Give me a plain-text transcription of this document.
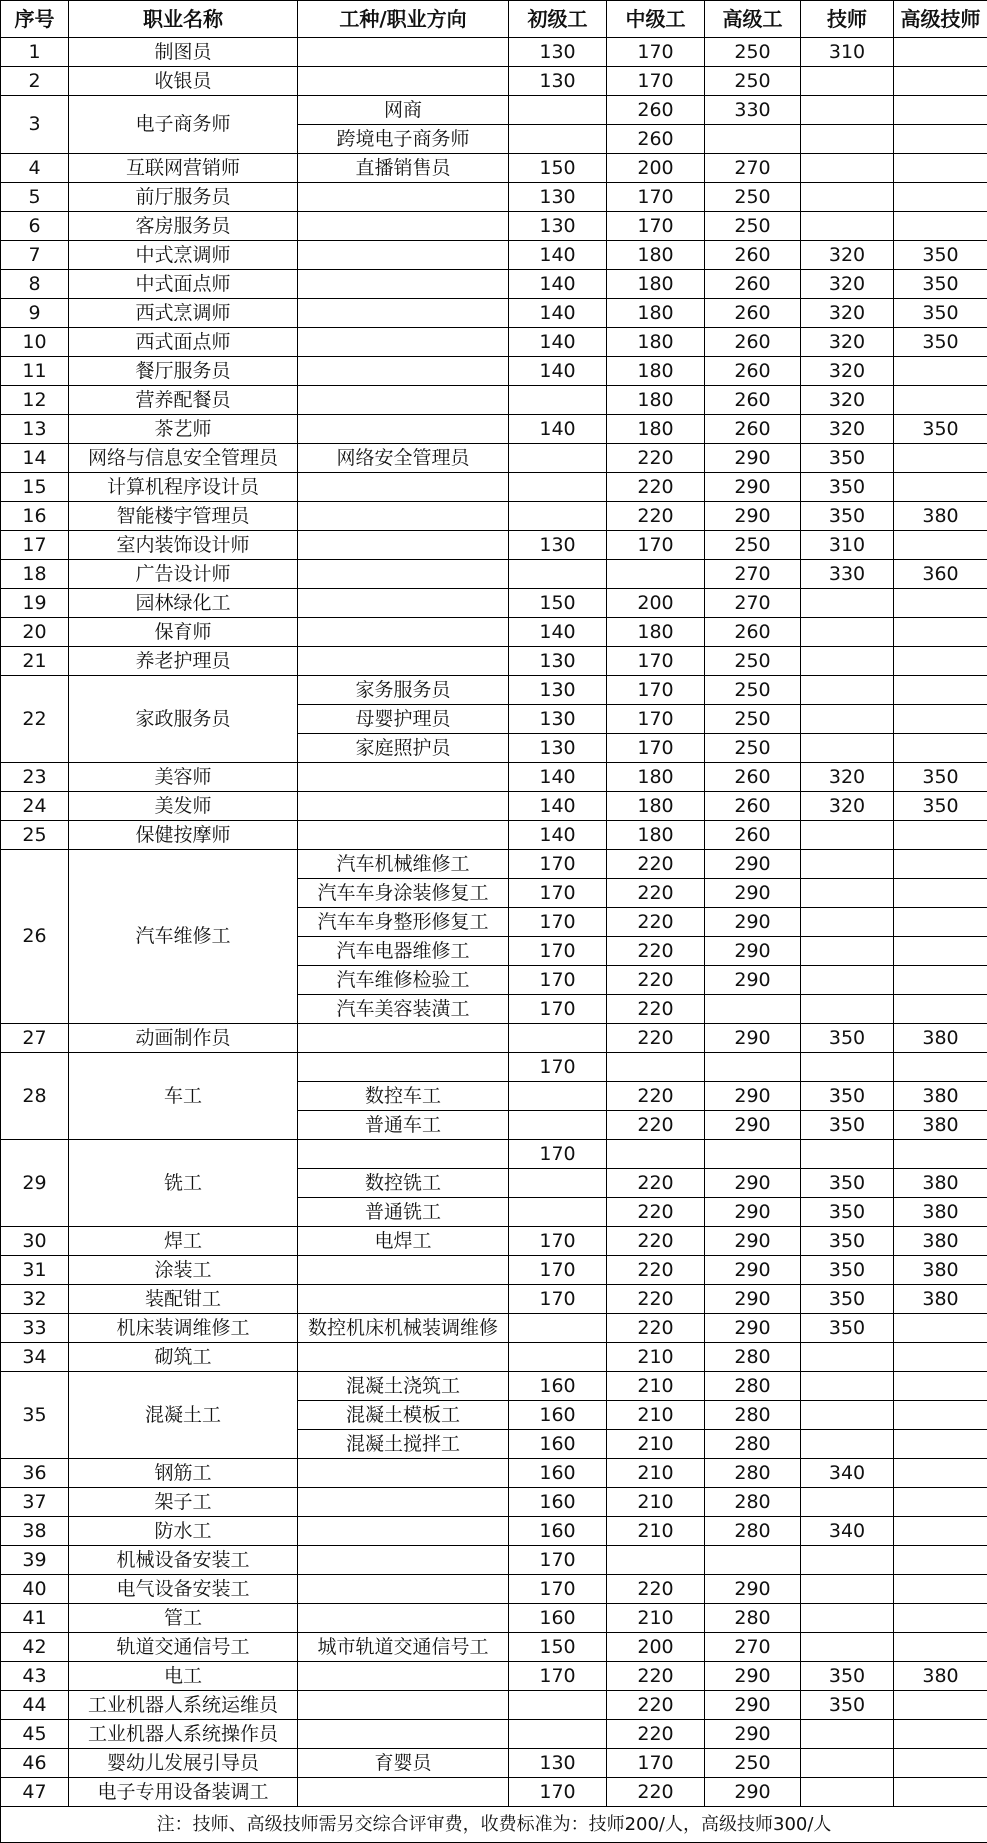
序号	职业名称	工种/职业方向	初级工	中级工	高级工	技师	高级技师
1	制图员		130	170	250	310	
2	收银员		130	170	250		
3	电子商务师	网商		260	330		
		跨境电子商务师		260			
4	互联网营销师	直播销售员	150	200	270		
5	前厅服务员		130	170	250		
6	客房服务员		130	170	250		
7	中式烹调师		140	180	260	320	350
8	中式面点师		140	180	260	320	350
9	西式烹调师		140	180	260	320	350
10	西式面点师		140	180	260	320	350
11	餐厅服务员		140	180	260	320	
12	营养配餐员			180	260	320	
13	茶艺师		140	180	260	320	350
14	网络与信息安全管理员	网络安全管理员		220	290	350	
15	计算机程序设计员			220	290	350	
16	智能楼宇管理员			220	290	350	380
17	室内装饰设计师		130	170	250	310	
18	广告设计师				270	330	360
19	园林绿化工		150	200	270		
20	保育师		140	180	260		
21	养老护理员		130	170	250		
22	家政服务员	家务服务员	130	170	250		
		母婴护理员	130	170	250		
		家庭照护员	130	170	250		
23	美容师		140	180	260	320	350
24	美发师		140	180	260	320	350
25	保健按摩师		140	180	260		
26	汽车维修工	汽车机械维修工	170	220	290		
		汽车车身涂装修复工	170	220	290		
		汽车车身整形修复工	170	220	290		
		汽车电器维修工	170	220	290		
		汽车维修检验工	170	220	290		
		汽车美容装潢工	170	220			
27	动画制作员			220	290	350	380
28	车工		170				
		数控车工		220	290	350	380
		普通车工		220	290	350	380
29	铣工		170				
		数控铣工		220	290	350	380
		普通铣工		220	290	350	380
30	焊工	电焊工	170	220	290	350	380
31	涂装工		170	220	290	350	380
32	装配钳工		170	220	290	350	380
33	机床装调维修工	数控机床机械装调维修		220	290	350	
34	砌筑工			210	280		
35	混凝土工	混凝土浇筑工	160	210	280		
		混凝土模板工	160	210	280		
		混凝土搅拌工	160	210	280		
36	钢筋工		160	210	280	340	
37	架子工		160	210	280		
38	防水工		160	210	280	340	
39	机械设备安装工		170				
40	电气设备安装工		170	220	290		
41	管工		160	210	280		
42	轨道交通信号工	城市轨道交通信号工	150	200	270		
43	电工		170	220	290	350	380
44	工业机器人系统运维员			220	290	350	
45	工业机器人系统操作员			220	290		
46	婴幼儿发展引导员	育婴员	130	170	250		
47	电子专用设备装调工		170	220	290		
注：技师、高级技师需另交综合评审费，收费标准为：技师200/人，高级技师300/人							
